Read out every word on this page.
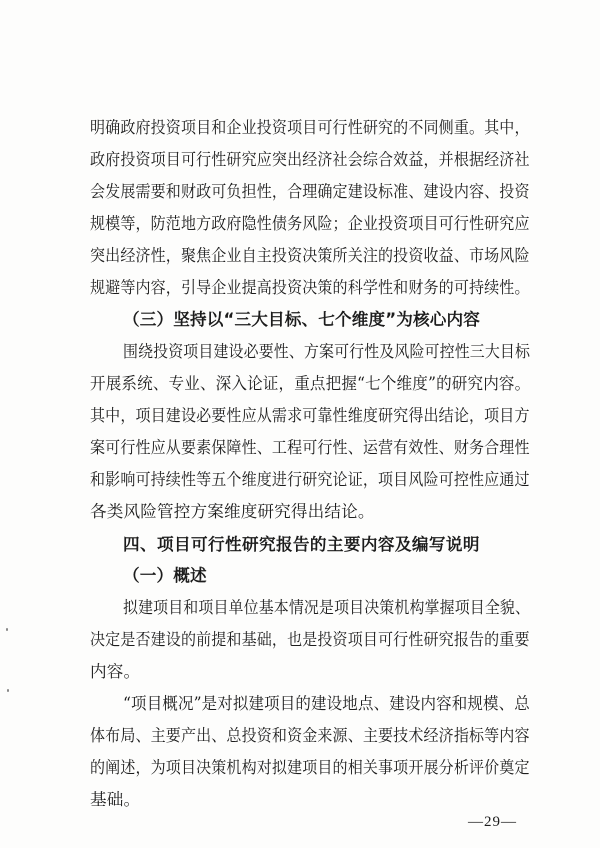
明确政府投资项目和企业投资项目可行性研究的不同侧重。其中，
政府投资项目可行性研究应突出经济社会综合效益，并根据经济社
会发展需要和财政可负担性，合理确定建设标准、建设内容、投资
规模等，防范地方政府隐性债务风险；企业投资项目可行性研究应
突出经济性，聚焦企业自主投资决策所关注的投资收益、市场风险
规避等内容，引导企业提高投资决策的科学性和财务的可持续性。
（三）坚持以“三大目标、七个维度”为核心内容
围绕投资项目建设必要性、方案可行性及风险可控性三大目标
开展系统、专业、深入论证，重点把握“七个维度”的研究内容。
其中，项目建设必要性应从需求可靠性维度研究得出结论，项目方
案可行性应从要素保障性、工程可行性、运营有效性、财务合理性
和影响可持续性等五个维度进行研究论证，项目风险可控性应通过
各类风险管控方案维度研究得出结论。
四、项目可行性研究报告的主要内容及编写说明
（一）概述
拟建项目和项目单位基本情况是项目决策机构掌握项目全貌、
决定是否建设的前提和基础，也是投资项目可行性研究报告的重要
内容。
“项目概况”是对拟建项目的建设地点、建设内容和规模、总
体布局、主要产出、总投资和资金来源、主要技术经济指标等内容
的阐述，为项目决策机构对拟建项目的相关事项开展分析评价奠定
基础。
—29—
